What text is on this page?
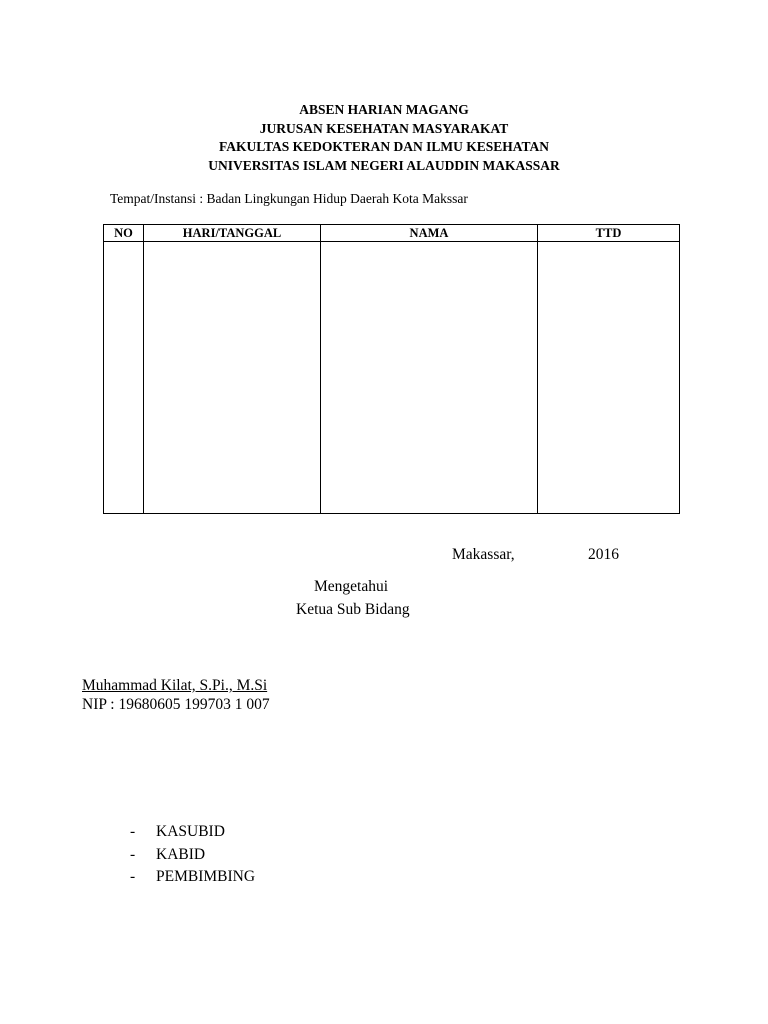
ABSEN HARIAN MAGANG
JURUSAN KESEHATAN MASYARAKAT
FAKULTAS KEDOKTERAN DAN ILMU KESEHATAN
UNIVERSITAS ISLAM NEGERI ALAUDDIN MAKASSAR
Tempat/Instansi : Badan Lingkungan Hidup Daerah Kota Makssar
NO	HARI/TANGGAL	NAMA	TTD

Makassar,	2016
Mengetahui
Ketua Sub Bidang
Muhammad Kilat, S.Pi., M.Si
NIP : 19680605 199703 1 007
- KASUBID
- KABID
- PEMBIMBING
